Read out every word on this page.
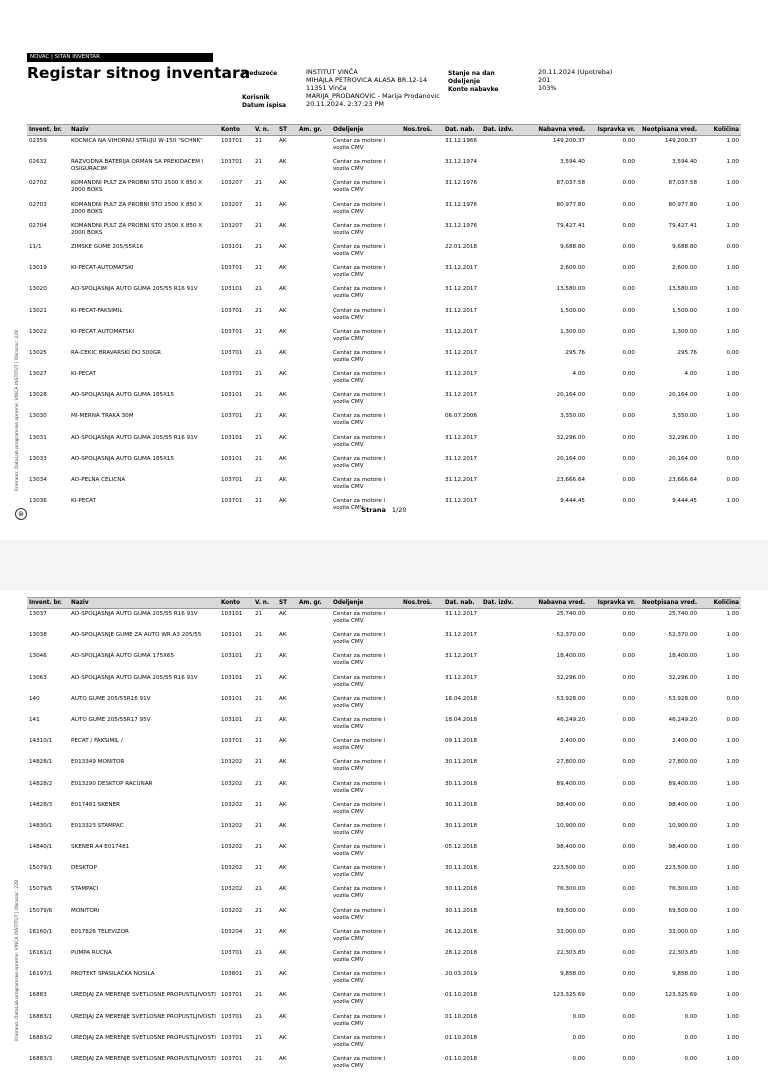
NOVAC | SITAN INVENTAR
Registar sitnog inventara
Preduzeće	INSTITUT VINČA
MIHAJLA PETROVICA ALASA BR.12-14
11351 Vinča
Korisnik	MARIJA_PRODANOVIC - Marija Prodanovic
Datum ispisa	20.11.2024, 2:37:23 PM
Stanje na dan	20.11.2024 (Upotreba)
Odeljenje	201
Konto nabavke	103%
Invent. br.	Naziv	Konto	V. n.	ST	Am. gr.	Odeljenje	Nos.troš.	Dat. nab.	Dat. izdv.	Nabavna vred.	Ispravka vr.	Neotpisana vred.	Količina
02359	KOCNICA NA VIHORNU STRUJU W-150 "SCHNK"	103701	21	AK		Centar za motore i vozila CMV		31.12.1966		149,200.37	0.00	149,200.37	1.00
02632	RAZVODNA BATERIJA ORMAN SA PREKIDACEM I OSIGURACIM	103701	21	AK		Centar za motore i vozila CMV		31.12.1974		3,594.40	0.00	3,594.40	1.00
02702	KOMANDNI PULT ZA PROBNI STO 2500 X 850 X 2000 BOKS	103207	21	AK		Centar za motore i vozila CMV		31.12.1976		87,037.58	0.00	87,037.58	1.00
02703	KOMANDNI PULT ZA PROBNI STO 2500 X 850 X 2000 BOKS	103207	21	AK		Centar za motore i vozila CMV		31.12.1976		80,977.80	0.00	80,977.80	1.00
02704	KOMANDNI PULT ZA PROBNI STO 2500 X 850 X 2000 BOKS	103207	21	AK		Centar za motore i vozila CMV		31.12.1976		79,427.41	0.00	79,427.41	1.00
11/1	ZIMSKE GUME 205/55R16	103101	21	AK		Centar za motore i vozila CMV		22.01.2018		9,688.80	0.00	9,688.80	0.00
13019	KI-PECAT-AUTOMATSKI	103701	21	AK		Centar za motore i vozila CMV		31.12.2017		2,600.00	0.00	2,600.00	1.00
13020	AO-SPOLJASNJA AUTO GUMA 205/55 R16 91V	103101	21	AK		Centar za motore i vozila CMV		31.12.2017		13,580.00	0.00	13,580.00	1.00
13021	KI-PECAT-FAKSIMIL	103701	21	AK		Centar za motore i vozila CMV		31.12.2017		1,500.00	0.00	1,500.00	1.00
13022	KI-PECAT AUTOMATSKI	103701	21	AK		Centar za motore i vozila CMV		31.12.2017		1,300.00	0.00	1,300.00	1.00
13025	RA-CEKIC BRAVARSKI DO 500GR	103701	21	AK		Centar za motore i vozila CMV		31.12.2017		295.76	0.00	295.76	0.00
13027	KI-PECAT	103701	21	AK		Centar za motore i vozila CMV		31.12.2017		4.00	0.00	4.00	1.00
13028	AO-SPOLJASNJA AUTO GUMA 185X15	103101	21	AK		Centar za motore i vozila CMV		31.12.2017		20,164.00	0.00	20,164.00	1.00
13030	MI-MERNA TRAKA 30M	103701	21	AK		Centar za motore i vozila CMV		06.07.2006		3,350.00	0.00	3,350.00	1.00
13031	AO-SPOLJASNJA AUTO GUMA 205/55 R16 91V	103101	21	AK		Centar za motore i vozila CMV		31.12.2017		32,296.00	0.00	32,296.00	1.00
13033	AO-SPOLJASNJA AUTO GUMA 185X15	103101	21	AK		Centar za motore i vozila CMV		31.12.2017		20,164.00	0.00	20,164.00	0.00
13034	AO-PELNA CELICNA	103701	21	AK		Centar za motore i vozila CMV		31.12.2017		23,666.64	0.00	23,666.64	0.00
13036	KI-PECAT	103701	21	AK		Centar za motore i vozila CMV		31.12.2017		9,444.45	0.00	9,444.45	1.00
Kreirano: DataLab programske opreme: VINCA INSTITUT | Obrazac: 228
⊜	Strana 1/20
Invent. br.	Naziv	Konto	V. n.	ST	Am. gr.	Odeljenje	Nos.troš.	Dat. nab.	Dat. izdv.	Nabavna vred.	Ispravka vr.	Neotpisana vred.	Količina
13037	AO-SPOLJASNJA AUTO GUMA 205/55 R16 91V	103101	21	AK		Centar za motore i vozila CMV		31.12.2017		25,740.00	0.00	25,740.00	1.00
13038	AO-SPOLJASNJE GUME ZA AUTO WR A3 205/55	103101	21	AK		Centar za motore i vozila CMV		31.12.2017		52,370.00	0.00	52,370.00	1.00
13046	AO-SPOLJASNJA AUTO GUMA 175X65	103101	21	AK		Centar za motore i vozila CMV		31.12.2017		18,400.00	0.00	18,400.00	1.00
13063	AO-SPOLJASNJA AUTO GUMA 205/55 R16 91V	103101	21	AK		Centar za motore i vozila CMV		31.12.2017		32,296.00	0.00	32,296.00	1.00
140	AUTO GUME 205/55R16 91V	103101	21	AK		Centar za motore i vozila CMV		18.04.2018		53,928.00	0.00	53,928.00	0.00
141	AUTO GUME 205/55R17 95V	103101	21	AK		Centar za motore i vozila CMV		18.04.2018		46,249.20	0.00	46,249.20	0.00
14310/1	PECAT / FAKSIMIL /	103701	21	AK		Centar za motore i vozila CMV		09.11.2018		2,400.00	0.00	2,400.00	1.00
14828/1	E013349 MONITOR	103202	21	AK		Centar za motore i vozila CMV		30.11.2018		27,800.00	0.00	27,800.00	1.00
14828/2	E013290 DESKTOP RACUNAR	103202	21	AK		Centar za motore i vozila CMV		30.11.2018		89,400.00	0.00	89,400.00	1.00
14828/3	E017481 SKENER	103202	21	AK		Centar za motore i vozila CMV		30.11.2018		98,400.00	0.00	98,400.00	1.00
14830/1	E013323 STAMPAC	103202	21	AK		Centar za motore i vozila CMV		30.11.2018		10,900.00	0.00	10,900.00	1.00
14840/1	SKENER A4 E017481	103202	21	AK		Centar za motore i vozila CMV		05.12.2018		98,400.00	0.00	98,400.00	1.00
15079/1	DESKTOP	103202	21	AK		Centar za motore i vozila CMV		30.11.2018		223,500.00	0.00	223,500.00	1.00
15079/5	STAMPACI	103202	21	AK		Centar za motore i vozila CMV		30.11.2018		76,300.00	0.00	76,300.00	1.00
15079/6	MONITORI	103202	21	AK		Centar za motore i vozila CMV		30.11.2018		69,500.00	0.00	69,500.00	1.00
16160/1	E017826 TELEVIZOR	103204	21	AK		Centar za motore i vozila CMV		26.12.2018		33,000.00	0.00	33,000.00	1.00
16161/1	PUMPA RUCNA	103701	21	AK		Centar za motore i vozila CMV		28.12.2018		22,303.80	0.00	22,303.80	1.00
16197/1	PROTEKT SPASILAČKA NOSILA	103801	21	AK		Centar za motore i vozila CMV		20.03.2019		9,858.00	0.00	9,858.00	1.00
16883	UREDJAJ ZA MERENJE SVETLOSNE PROPUSTLJIVOSTI	103701	21	AK		Centar za motore i vozila CMV		01.10.2018		123,325.69	0.00	123,325.69	1.00
16883/1	UREDJAJ ZA MERENJE SVETLOSNE PROPUSTLJIVOSTI	103701	21	AK		Centar za motore i vozila CMV		01.10.2018		0.00	0.00	0.00	1.00
16883/2	UREDJAJ ZA MERENJE SVETLOSNE PROPUSTLJIVOSTI	103701	21	AK		Centar za motore i vozila CMV		01.10.2018		0.00	0.00	0.00	1.00
16883/3	UREDJAJ ZA MERENJE SVETLOSNE PROPUSTLJIVOSTI	103701	21	AK		Centar za motore i vozila CMV		01.10.2018		0.00	0.00	0.00	1.00
Kreirano: DataLab programske opreme: VINCA INSTITUT | Obrazac: 228
